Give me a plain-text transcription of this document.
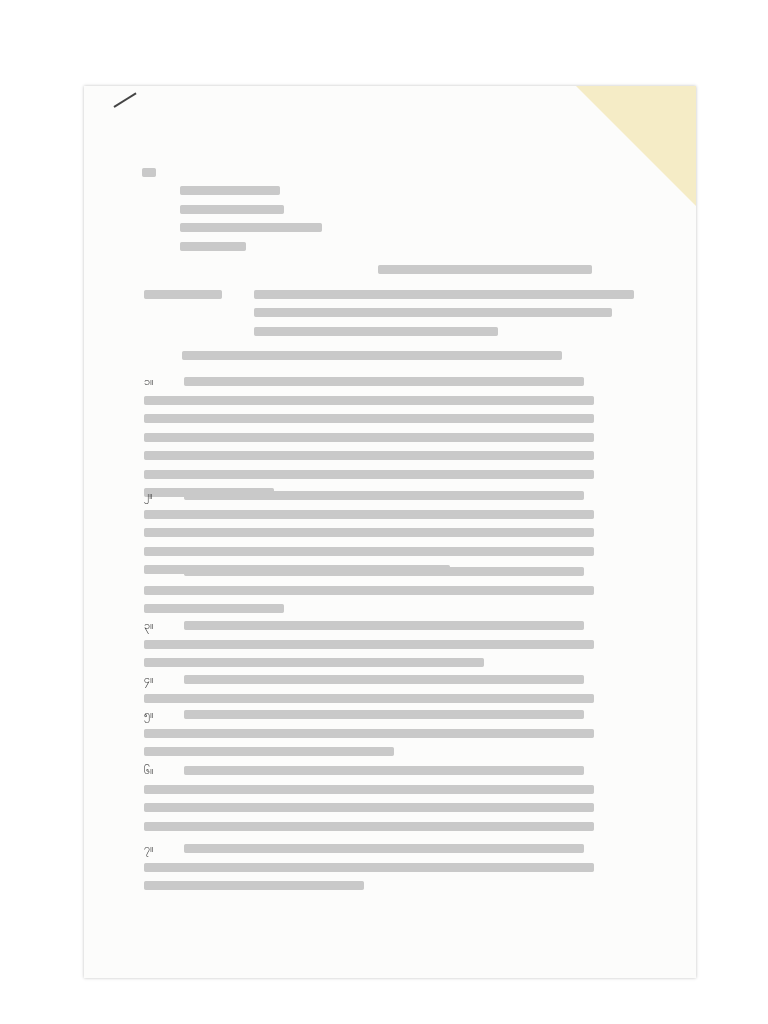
၁။
၂။
၃။
၄။
၅။
၆။
၇။
